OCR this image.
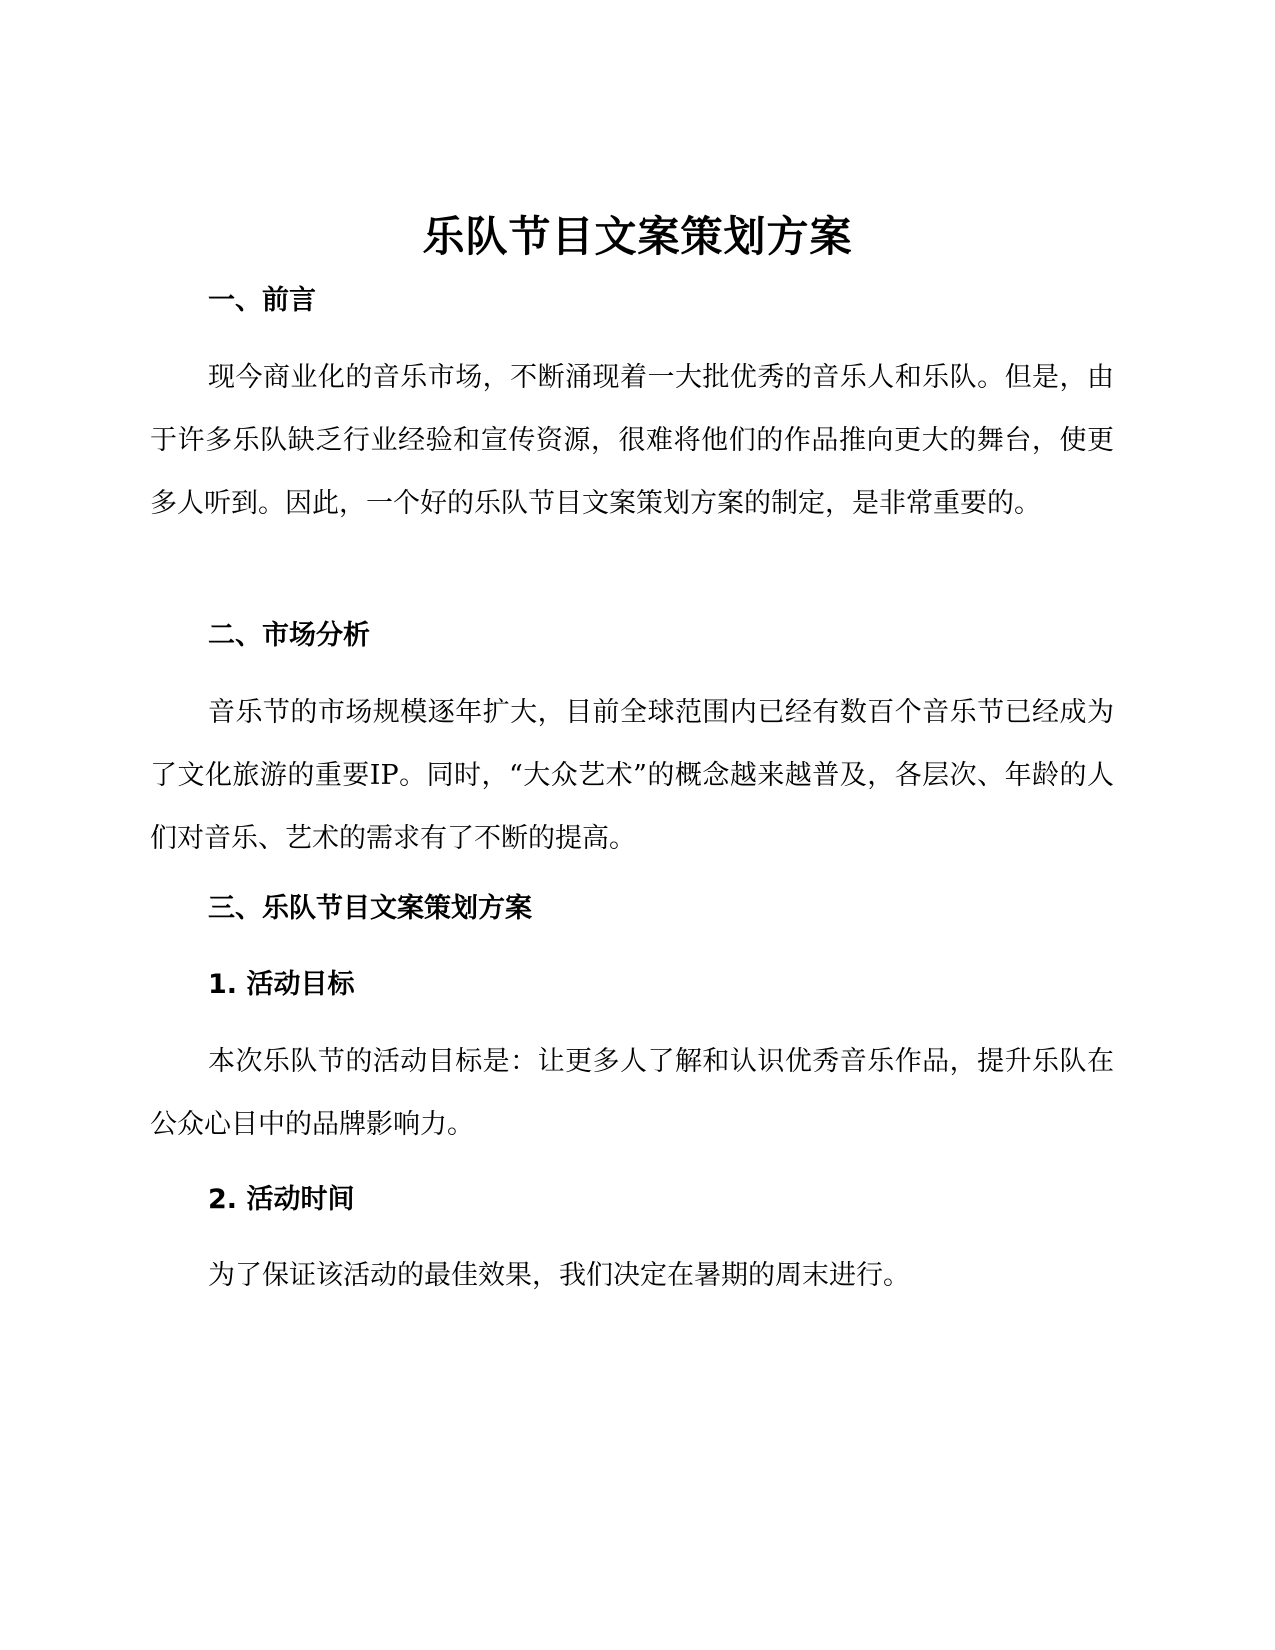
乐队节目文案策划方案
一、前言

现今商业化的音乐市场，不断涌现着一大批优秀的音乐人和乐队。但是，由于许多乐队缺乏行业经验和宣传资源，很难将他们的作品推向更大的舞台，使更多人听到。因此，一个好的乐队节目文案策划方案的制定，是非常重要的。

二、市场分析

音乐节的市场规模逐年扩大，目前全球范围内已经有数百个音乐节已经成为了文化旅游的重要IP。同时，“大众艺术”的概念越来越普及，各层次、年龄的人们对音乐、艺术的需求有了不断的提高。

三、乐队节目文案策划方案
1. 活动目标

本次乐队节的活动目标是：让更多人了解和认识优秀音乐作品，提升乐队在公众心目中的品牌影响力。

2. 活动时间

为了保证该活动的最佳效果，我们决定在暑期的周末进行。
